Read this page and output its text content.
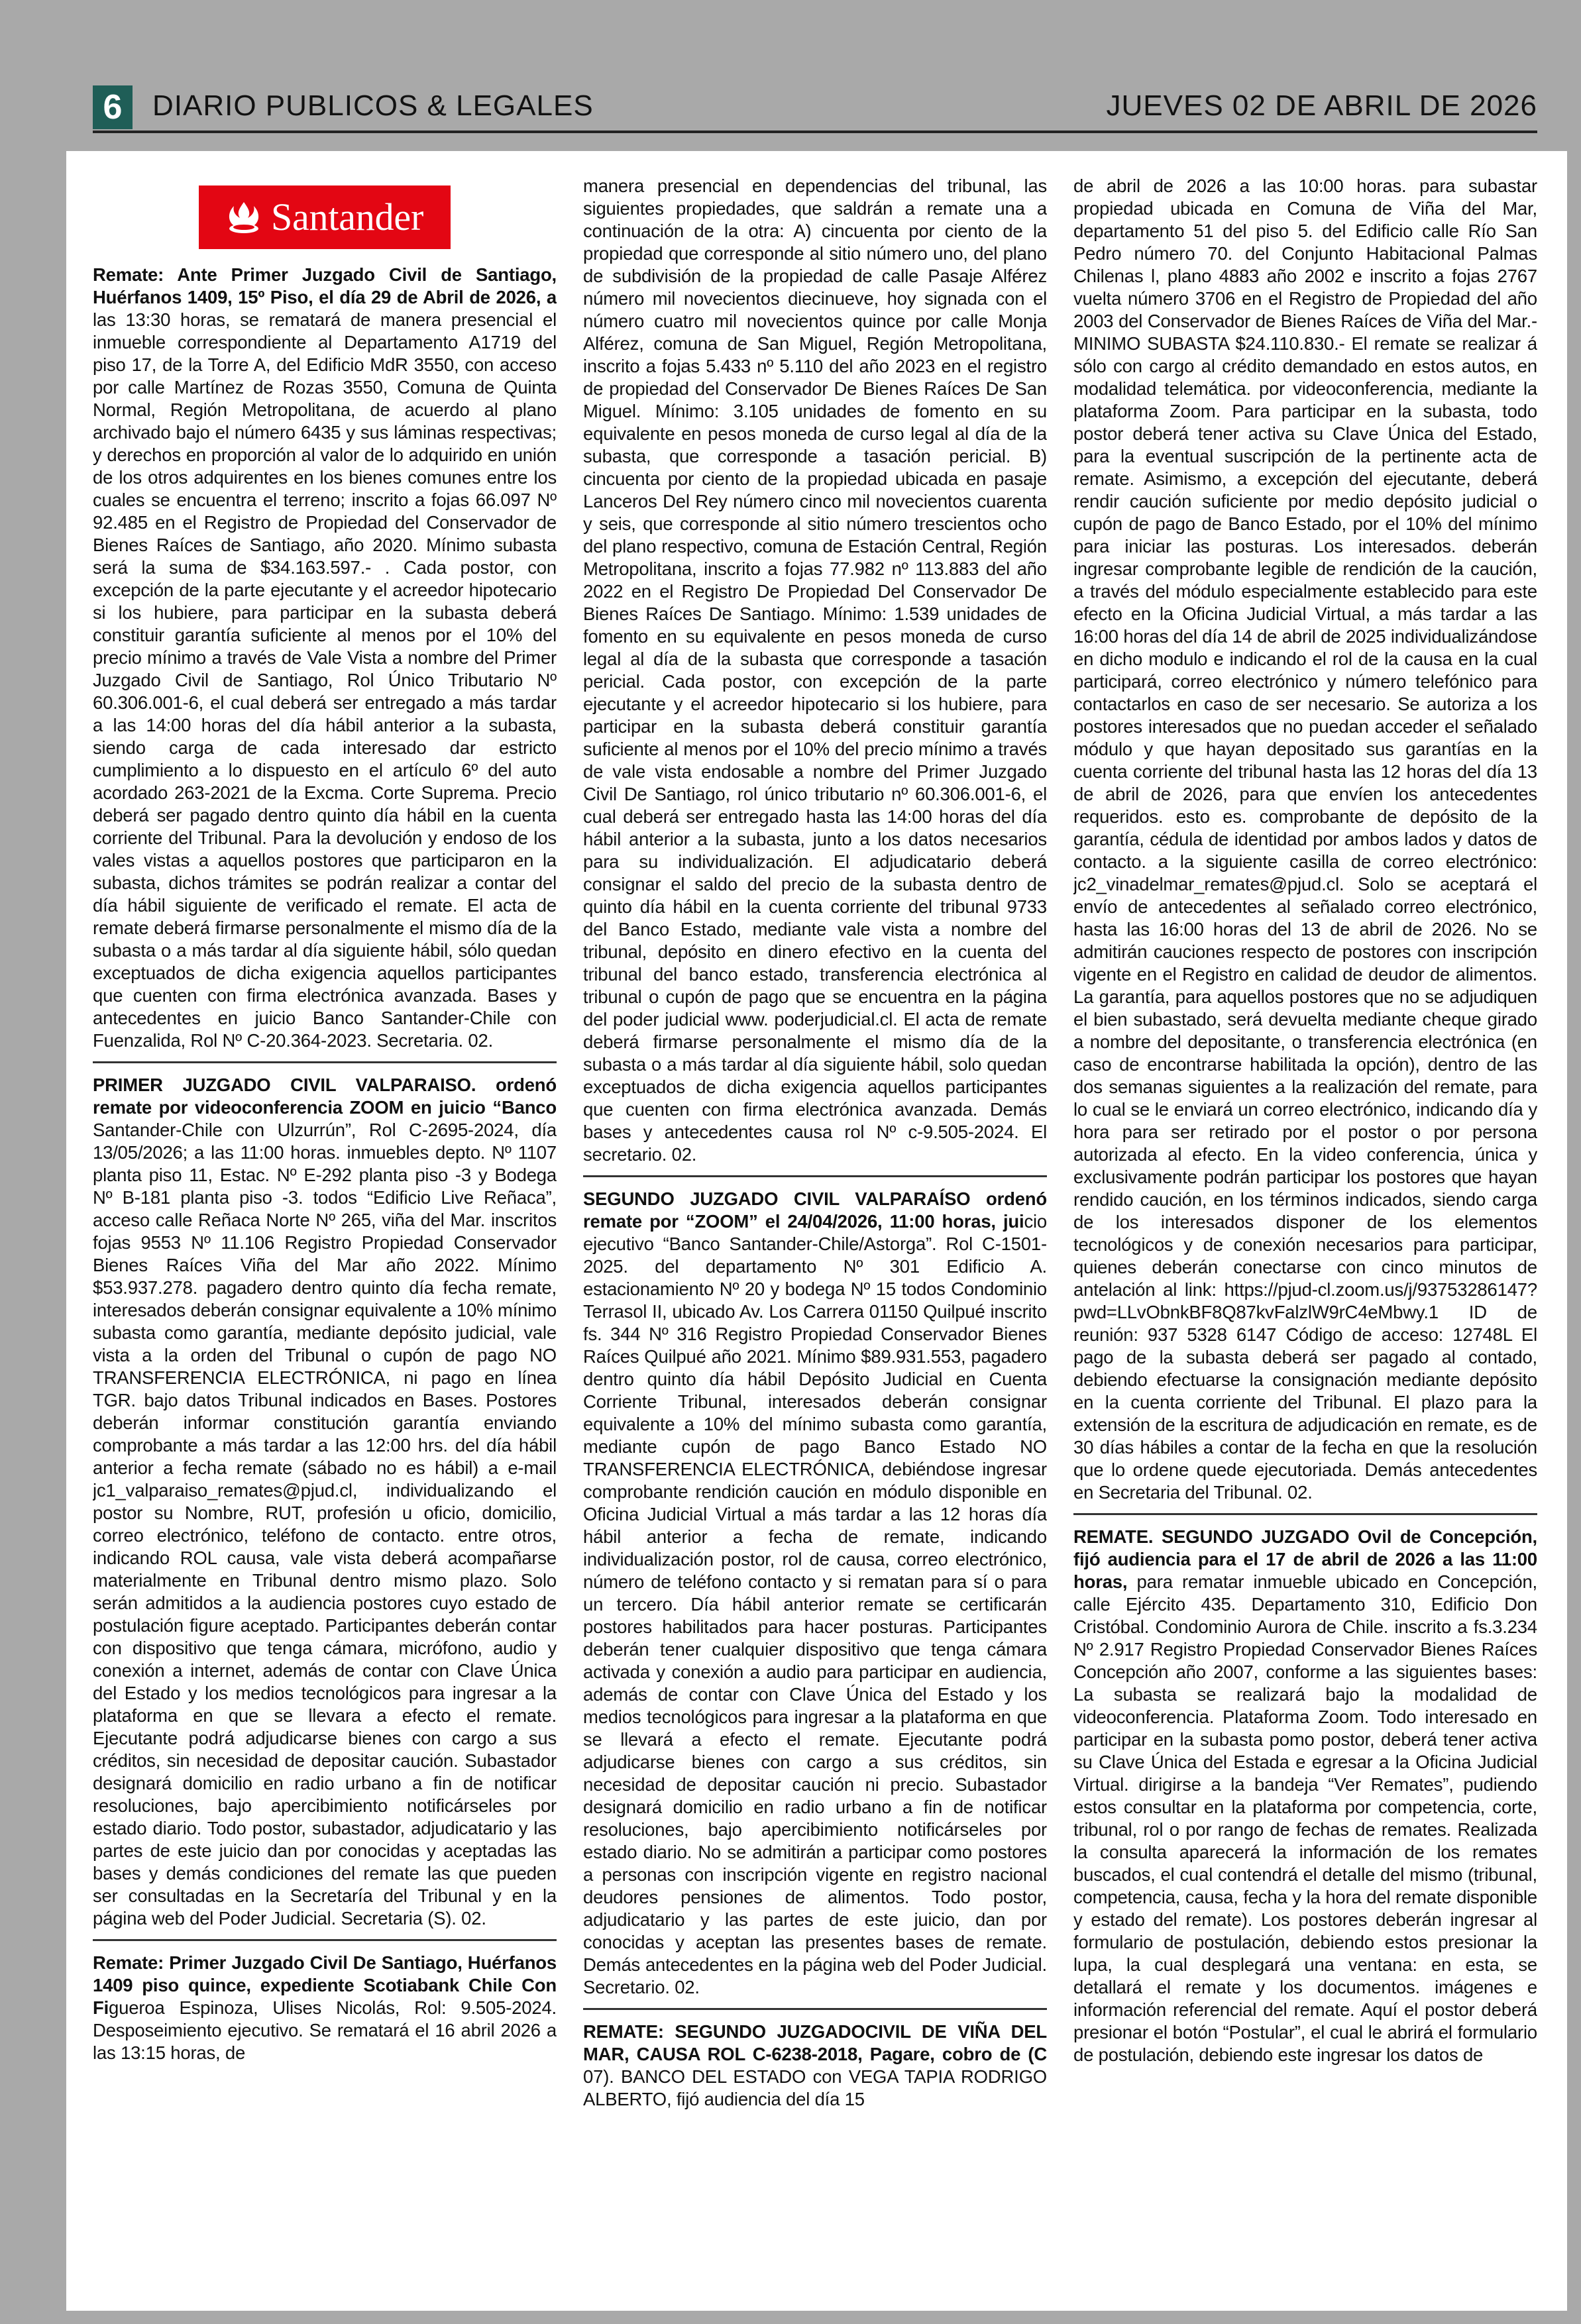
6	DIARIO PUBLICOS & LEGALES	JUEVES 02 DE ABRIL DE 2026
Santander

Remate: Ante Primer Juzgado Civil de Santiago, Huérfanos 1409, 15º Piso, el día 29 de Abril de 2026, a las 13:30 horas, se rematará de manera presencial el inmueble correspondiente al Departamento A1719 del piso 17, de la Torre A, del Edificio MdR 3550, con acceso por calle Martínez de Rozas 3550, Comuna de Quinta Normal, Región Metropolitana, de acuerdo al plano archivado bajo el número 6435 y sus láminas respectivas; y derechos en proporción al valor de lo adquirido en unión de los otros adquirentes en los bienes comunes entre los cuales se encuentra el terreno; inscrito a fojas 66.097 Nº 92.485 en el Registro de Propiedad del Conservador de Bienes Raíces de Santiago, año 2020. Mínimo subasta será la suma de $34.163.597.- . Cada postor, con excepción de la parte ejecutante y el acreedor hipotecario si los hubiere, para participar en la subasta deberá constituir garantía suficiente al menos por el 10% del precio mínimo a través de Vale Vista a nombre del Primer Juzgado Civil de Santiago, Rol Único Tributario Nº 60.306.001-6, el cual deberá ser entregado a más tardar a las 14:00 horas del día hábil anterior a la subasta, siendo carga de cada interesado dar estricto cumplimiento a lo dispuesto en el artículo 6º del auto acordado 263-2021 de la Excma. Corte Suprema. Precio deberá ser pagado dentro quinto día hábil en la cuenta corriente del Tribunal. Para la devolución y endoso de los vales vistas a aquellos postores que participaron en la subasta, dichos trámites se podrán realizar a contar del día hábil siguiente de verificado el remate. El acta de remate deberá firmarse personalmente el mismo día de la subasta o a más tardar al día siguiente hábil, sólo quedan exceptuados de dicha exigencia aquellos participantes que cuenten con firma electrónica avanzada. Bases y antecedentes en juicio Banco Santander-Chile con Fuenzalida, Rol Nº C-20.364-2023. Secretaria. 02.

PRIMER JUZGADO CIVIL VALPARAISO. ordenó remate por videoconferencia ZOOM en juicio “Banco Santander-Chile con Ulzurrún”, Rol C-2695-2024, día 13/05/2026; a las 11:00 horas. inmuebles depto. Nº 1107 planta piso 11, Estac. Nº E-292 planta piso -3 y Bodega Nº B-181 planta piso -3. todos “Edificio Live Reñaca”, acceso calle Reñaca Norte Nº 265, viña del Mar. inscritos fojas 9553 Nº 11.106 Registro Propiedad Conservador Bienes Raíces Viña del Mar año 2022. Mínimo $53.937.278. pagadero dentro quinto día fecha remate, interesados deberán consignar equivalente a 10% mínimo subasta como garantía, mediante depósito judicial, vale vista a la orden del Tribunal o cupón de pago NO TRANSFERENCIA ELECTRÓNICA, ni pago en línea TGR. bajo datos Tribunal indicados en Bases. Postores deberán informar constitución garantía enviando comprobante a más tardar a las 12:00 hrs. del día hábil anterior a fecha remate (sábado no es hábil) a e-mail jc1_valparaiso_remates@pjud.cl, individualizando el postor su Nombre, RUT, profesión u oficio, domicilio, correo electrónico, teléfono de contacto. entre otros, indicando ROL causa, vale vista deberá acompañarse materialmente en Tribunal dentro mismo plazo. Solo serán admitidos a la audiencia postores cuyo estado de postulación figure aceptado. Participantes deberán contar con dispositivo que tenga cámara, micrófono, audio y conexión a internet, además de contar con Clave Única del Estado y los medios tecnológicos para ingresar a la plataforma en que se llevara a efecto el remate. Ejecutante podrá adjudicarse bienes con cargo a sus créditos, sin necesidad de depositar caución. Subastador designará domicilio en radio urbano a fin de notificar resoluciones, bajo apercibimiento notificárseles por estado diario. Todo postor, subastador, adjudicatario y las partes de este juicio dan por conocidas y aceptadas las bases y demás condiciones del remate las que pueden ser consultadas en la Secretaría del Tribunal y en la página web del Poder Judicial. Secretaria (S). 02.

Remate: Primer Juzgado Civil De Santiago, Huérfanos 1409 piso quince, expediente Scotiabank Chile Con Figueroa Espinoza, Ulises Nicolás, Rol: 9.505-2024. Desposeimiento ejecutivo. Se rematará el 16 abril 2026 a las 13:15 horas, de

manera presencial en dependencias del tribunal, las siguientes propiedades, que saldrán a remate una a continuación de la otra: A) cincuenta por ciento de la propiedad que corresponde al sitio número uno, del plano de subdivisión de la propiedad de calle Pasaje Alférez número mil novecientos diecinueve, hoy signada con el número cuatro mil novecientos quince por calle Monja Alférez, comuna de San Miguel, Región Metropolitana, inscrito a fojas 5.433 nº 5.110 del año 2023 en el registro de propiedad del Conservador De Bienes Raíces De San Miguel. Mínimo: 3.105 unidades de fomento en su equivalente en pesos moneda de curso legal al día de la subasta, que corresponde a tasación pericial. B) cincuenta por ciento de la propiedad ubicada en pasaje Lanceros Del Rey número cinco mil novecientos cuarenta y seis, que corresponde al sitio número trescientos ocho del plano respectivo, comuna de Estación Central, Región Metropolitana, inscrito a fojas 77.982 nº 113.883 del año 2022 en el Registro De Propiedad Del Conservador De Bienes Raíces De Santiago. Mínimo: 1.539 unidades de fomento en su equivalente en pesos moneda de curso legal al día de la subasta que corresponde a tasación pericial. Cada postor, con excepción de la parte ejecutante y el acreedor hipotecario si los hubiere, para participar en la subasta deberá constituir garantía suficiente al menos por el 10% del precio mínimo a través de vale vista endosable a nombre del Primer Juzgado Civil De Santiago, rol único tributario nº 60.306.001-6, el cual deberá ser entregado hasta las 14:00 horas del día hábil anterior a la subasta, junto a los datos necesarios para su individualización. El adjudicatario deberá consignar el saldo del precio de la subasta dentro de quinto día hábil en la cuenta corriente del tribunal 9733 del Banco Estado, mediante vale vista a nombre del tribunal, depósito en dinero efectivo en la cuenta del tribunal del banco estado, transferencia electrónica al tribunal o cupón de pago que se encuentra en la página del poder judicial www. poderjudicial.cl. El acta de remate deberá firmarse personalmente el mismo día de la subasta o a más tardar al día siguiente hábil, solo quedan exceptuados de dicha exigencia aquellos participantes que cuenten con firma electrónica avanzada. Demás bases y antecedentes causa rol Nº c-9.505-2024. El secretario. 02.

SEGUNDO JUZGADO CIVIL VALPARAÍSO ordenó remate por “ZOOM” el 24/04/2026, 11:00 horas, juicio ejecutivo “Banco Santander-Chile/Astorga”. Rol C-1501-2025. del departamento Nº 301 Edificio A. estacionamiento Nº 20 y bodega Nº 15 todos Condominio Terrasol II, ubicado Av. Los Carrera 01150 Quilpué inscrito fs. 344 Nº 316 Registro Propiedad Conservador Bienes Raíces Quilpué año 2021. Mínimo $89.931.553, pagadero dentro quinto día hábil Depósito Judicial en Cuenta Corriente Tribunal, interesados deberán consignar equivalente a 10% del mínimo subasta como garantía, mediante cupón de pago Banco Estado NO TRANSFERENCIA ELECTRÓNICA, debiéndose ingresar comprobante rendición caución en módulo disponible en Oficina Judicial Virtual a más tardar a las 12 horas día hábil anterior a fecha de remate, indicando individualización postor, rol de causa, correo electrónico, número de teléfono contacto y si rematan para sí o para un tercero. Día hábil anterior remate se certificarán postores habilitados para hacer posturas. Participantes deberán tener cualquier dispositivo que tenga cámara activada y conexión a audio para participar en audiencia, además de contar con Clave Única del Estado y los medios tecnológicos para ingresar a la plataforma en que se llevará a efecto el remate. Ejecutante podrá adjudicarse bienes con cargo a sus créditos, sin necesidad de depositar caución ni precio. Subastador designará domicilio en radio urbano a fin de notificar resoluciones, bajo apercibimiento notificárseles por estado diario. No se admitirán a participar como postores a personas con inscripción vigente en registro nacional deudores pensiones de alimentos. Todo postor, adjudicatario y las partes de este juicio, dan por conocidas y aceptan las presentes bases de remate. Demás antecedentes en la página web del Poder Judicial. Secretario. 02.

REMATE: SEGUNDO JUZGADOCIVIL DE VIÑA DEL MAR, CAUSA ROL C-6238-2018, Pagare, cobro de (C 07). BANCO DEL ESTADO con VEGA TAPIA RODRIGO ALBERTO, fijó audiencia del día 15

de abril de 2026 a las 10:00 horas. para subastar propiedad ubicada en Comuna de Viña del Mar, departamento 51 del piso 5. del Edificio calle Río San Pedro número 70. del Conjunto Habitacional Palmas Chilenas l, plano 4883 año 2002 e inscrito a fojas 2767 vuelta número 3706 en el Registro de Propiedad del año 2003 del Conservador de Bienes Raíces de Viña del Mar.- MINIMO SUBASTA $24.110.830.- El remate se realizar á sólo con cargo al crédito demandado en estos autos, en modalidad telemática. por videoconferencia, mediante la plataforma Zoom. Para participar en la subasta, todo postor deberá tener activa su Clave Única del Estado, para la eventual suscripción de la pertinente acta de remate. Asimismo, a excepción del ejecutante, deberá rendir caución suficiente por medio depósito judicial o cupón de pago de Banco Estado, por el 10% del mínimo para iniciar las posturas. Los interesados. deberán ingresar comprobante legible de rendición de la caución, a través del módulo especialmente establecido para este efecto en la Oficina Judicial Virtual, a más tardar a las 16:00 horas del día 14 de abril de 2025 individualizándose en dicho modulo e indicando el rol de la causa en la cual participará, correo electrónico y número telefónico para contactarlos en caso de ser necesario. Se autoriza a los postores interesados que no puedan acceder el señalado módulo y que hayan depositado sus garantías en la cuenta corriente del tribunal hasta las 12 horas del día 13 de abril de 2026, para que envíen los antecedentes requeridos. esto es. comprobante de depósito de la garantía, cédula de identidad por ambos lados y datos de contacto. a la siguiente casilla de correo electrónico: jc2_vinadelmar_remates@pjud.cl. Solo se aceptará el envío de antecedentes al señalado correo electrónico, hasta las 16:00 horas del 13 de abril de 2026. No se admitirán cauciones respecto de postores con inscripción vigente en el Registro en calidad de deudor de alimentos. La garantía, para aquellos postores que no se adjudiquen el bien subastado, será devuelta mediante cheque girado a nombre del depositante, o transferencia electrónica (en caso de encontrarse habilitada la opción), dentro de las dos semanas siguientes a la realización del remate, para lo cual se le enviará un correo electrónico, indicando día y hora para ser retirado por el postor o por persona autorizada al efecto. En la video conferencia, única y exclusivamente podrán participar los postores que hayan rendido caución, en los términos indicados, siendo carga de los interesados disponer de los elementos tecnológicos y de conexión necesarios para participar, quienes deberán conectarse con cinco minutos de antelación al link: https://pjud-cl.zoom.us/j/93753286147?pwd=LLvObnkBF8Q87kvFalzlW9rC4eMbwy.1 ID de reunión: 937 5328 6147 Código de acceso: 12748L El pago de la subasta deberá ser pagado al contado, debiendo efectuarse la consignación mediante depósito en la cuenta corriente del Tribunal. El plazo para la extensión de la escritura de adjudicación en remate, es de 30 días hábiles a contar de la fecha en que la resolución que lo ordene quede ejecutoriada. Demás antecedentes en Secretaria del Tribunal. 02.

REMATE. SEGUNDO JUZGADO Ovil de Concepción, fijó audiencia para el 17 de abril de 2026 a las 11:00 horas, para rematar inmueble ubicado en Concepción, calle Ejército 435. Departamento 310, Edificio Don Cristóbal. Condominio Aurora de Chile. inscrito a fs.3.234 Nº 2.917 Registro Propiedad Conservador Bienes Raíces Concepción año 2007, conforme a las siguientes bases: La subasta se realizará bajo la modalidad de videoconferencia. Plataforma Zoom. Todo interesado en participar en la subasta pomo postor, deberá tener activa su Clave Única del Estada e egresar a la Oficina Judicial Virtual. dirigirse a la bandeja “Ver Remates”, pudiendo estos consultar en la plataforma por competencia, corte, tribunal, rol o por rango de fechas de remates. Realizada la consulta aparecerá la información de los remates buscados, el cual contendrá el detalle del mismo (tribunal, competencia, causa, fecha y la hora del remate disponible y estado del remate). Los postores deberán ingresar al formulario de postulación, debiendo estos presionar la lupa, la cual desplegará una ventana: en esta, se detallará el remate y los documentos. imágenes e información referencial del remate. Aquí el postor deberá presionar el botón “Postular”, el cual le abrirá el formulario de postulación, debiendo este ingresar los datos de
